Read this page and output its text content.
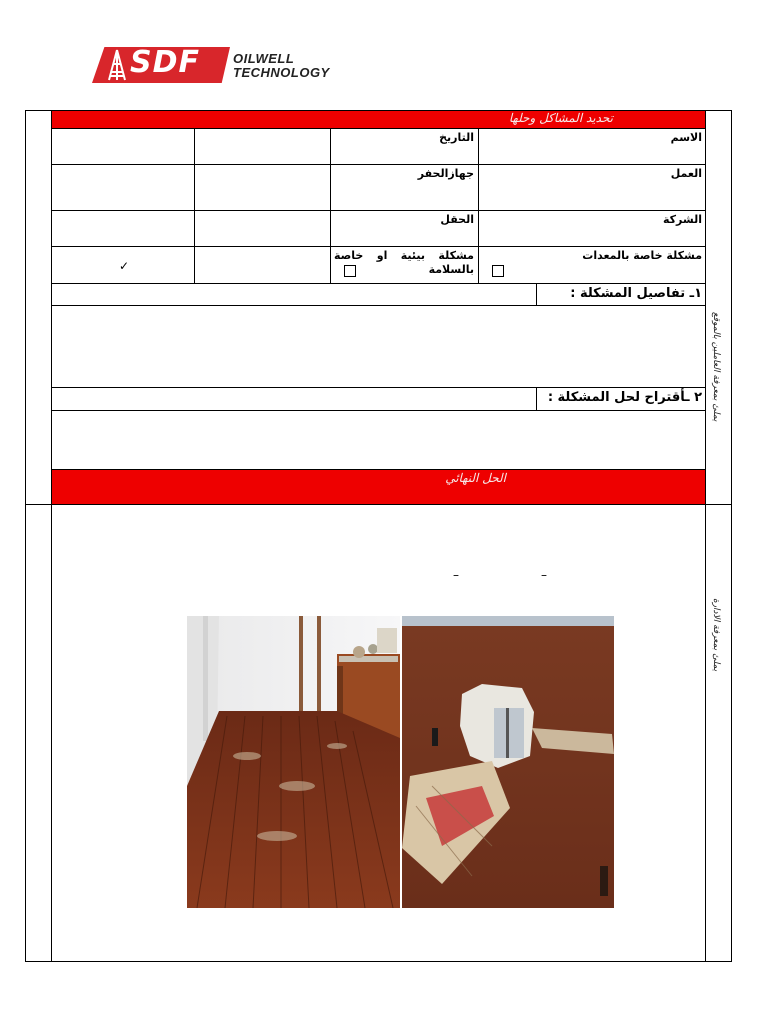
SDF	OILWELL
TECHNOLOGY
تحديد المشاكل وحلها
الاسم
التاريخ
العمل
جهازالحفر
الشركة
الحقل
مشكلة خاصة بالمعدات
مشكلة بيئية او خاصة بالسلامة
✓
١ـ تفاصيل المشكلة :
٢ ـأقتراح لحل المشكلة :
الحل النهائي
يملئ بمعرفة العاملين بالموقع
يملئ بمعرفة الادارة
–	–
